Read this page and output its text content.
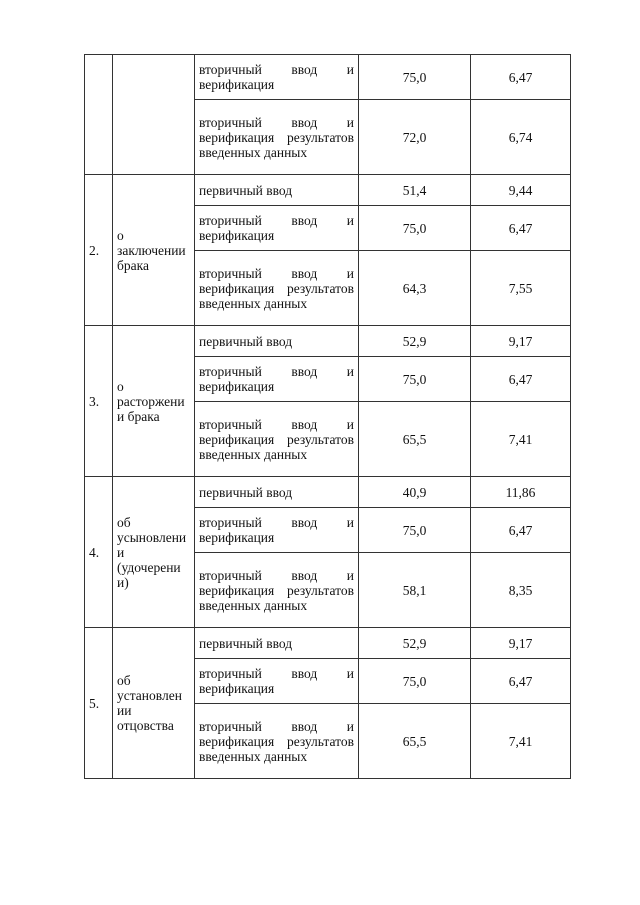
		вторичный ввод и верификация	75,0	6,47
		вторичный ввод и верификация результатов введенных данных	72,0	6,74
2.	о заключении брака	первичный ввод	51,4	9,44
		вторичный ввод и верификация	75,0	6,47
		вторичный ввод и верификация результатов введенных данных	64,3	7,55
3.	о расторжени и брака	первичный ввод	52,9	9,17
		вторичный ввод и верификация	75,0	6,47
		вторичный ввод и верификация результатов введенных данных	65,5	7,41
4.	об усыновлени и (удочерени и)	первичный ввод	40,9	11,86
		вторичный ввод и верификация	75,0	6,47
		вторичный ввод и верификация результатов введенных данных	58,1	8,35
5.	об установлен ии отцовства	первичный ввод	52,9	9,17
		вторичный ввод и верификация	75,0	6,47
		вторичный ввод и верификация результатов введенных данных	65,5	7,41
